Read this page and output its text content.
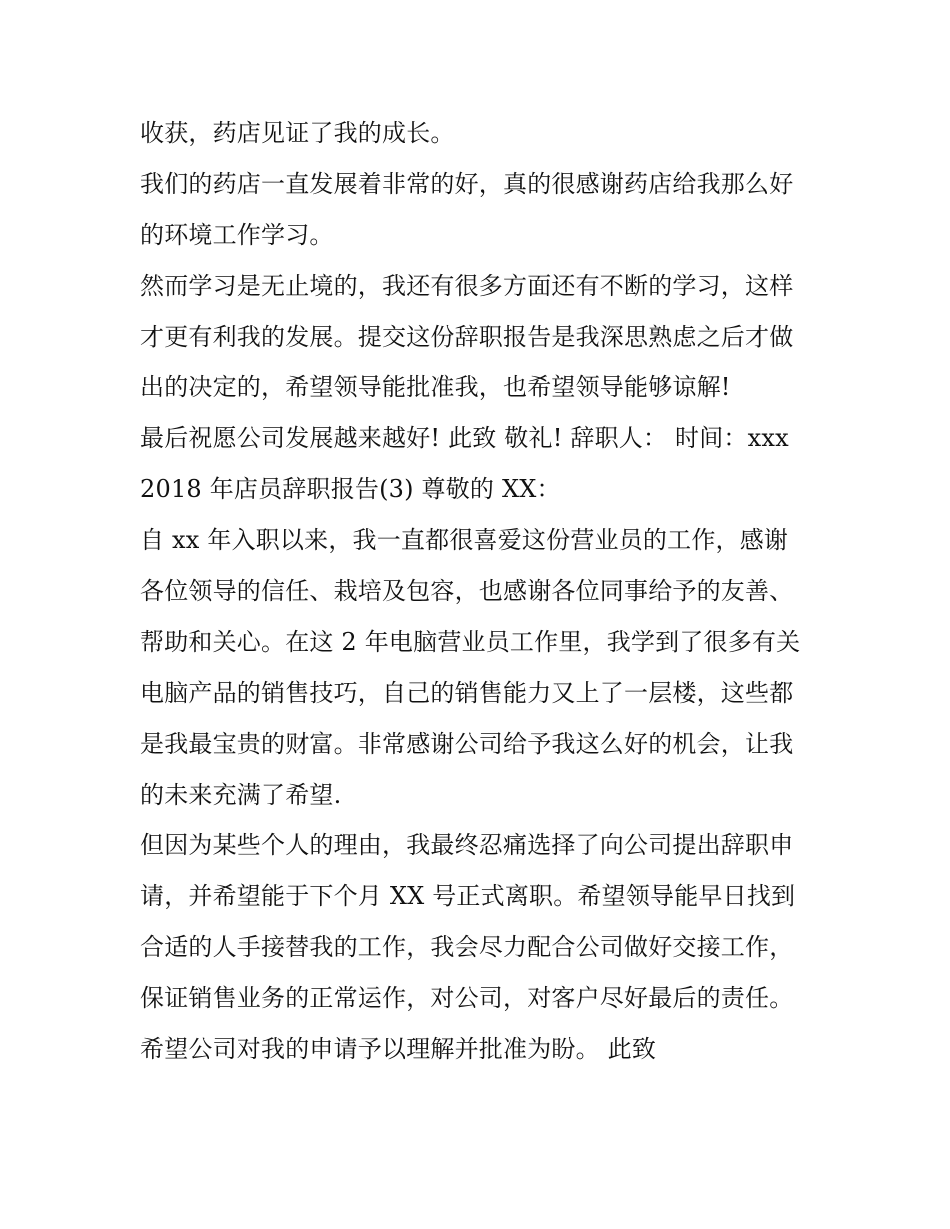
收获，药店见证了我的成长。
我们的药店一直发展着非常的好，真的很感谢药店给我那么好
的环境工作学习。
然而学习是无止境的，我还有很多方面还有不断的学习，这样
才更有利我的发展。提交这份辞职报告是我深思熟虑之后才做
出的决定的，希望领导能批准我，也希望领导能够谅解!
最后祝愿公司发展越来越好! 此致 敬礼! 辞职人： 时间：xxx
2018 年店员辞职报告(3) 尊敬的 XX：
自 xx 年入职以来，我一直都很喜爱这份营业员的工作，感谢
各位领导的信任、栽培及包容，也感谢各位同事给予的友善、
帮助和关心。在这 2 年电脑营业员工作里，我学到了很多有关
电脑产品的销售技巧，自己的销售能力又上了一层楼，这些都
是我最宝贵的财富。非常感谢公司给予我这么好的机会，让我
的未来充满了希望.
但因为某些个人的理由，我最终忍痛选择了向公司提出辞职申
请，并希望能于下个月 XX 号正式离职。希望领导能早日找到
合适的人手接替我的工作，我会尽力配合公司做好交接工作，
保证销售业务的正常运作，对公司，对客户尽好最后的责任。
希望公司对我的申请予以理解并批准为盼。 此致
